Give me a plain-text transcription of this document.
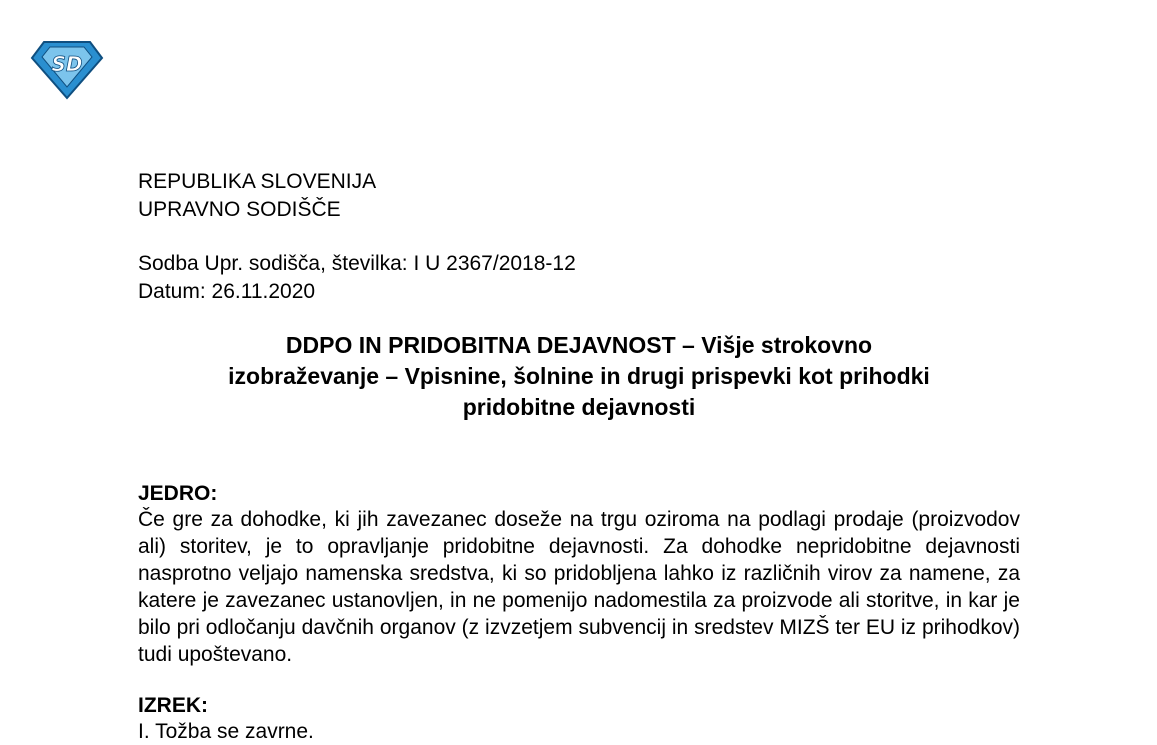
SD
REPUBLIKA SLOVENIJA
UPRAVNO SODIŠČE
Sodba Upr. sodišča, številka: I U 2367/2018-12
Datum: 26.11.2020
DDPO IN PRIDOBITNA DEJAVNOST – Višje strokovno
izobraževanje – Vpisnine, šolnine in drugi prispevki kot prihodki
pridobitne dejavnosti
JEDRO:
Če gre za dohodke, ki jih zavezanec dosežе na trgu oziroma na podlagi prodaje (proizvodov ali) storitev, je to opravljanje pridobitne dejavnosti. Za dohodke nepridobitne dejavnosti nasprotno veljajo namenska sredstva, ki so pridobljena lahko iz različnih virov za namene, za katere je zavezanec ustanovljen, in ne pomenijo nadomestila za proizvode ali storitve, in kar je bilo pri odločanju davčnih organov (z izvzetjem subvencij in sredstev MIZŠ ter EU iz prihodkov) tudi upoštevano.
IZREK:
I. Tožba se zavrne.
